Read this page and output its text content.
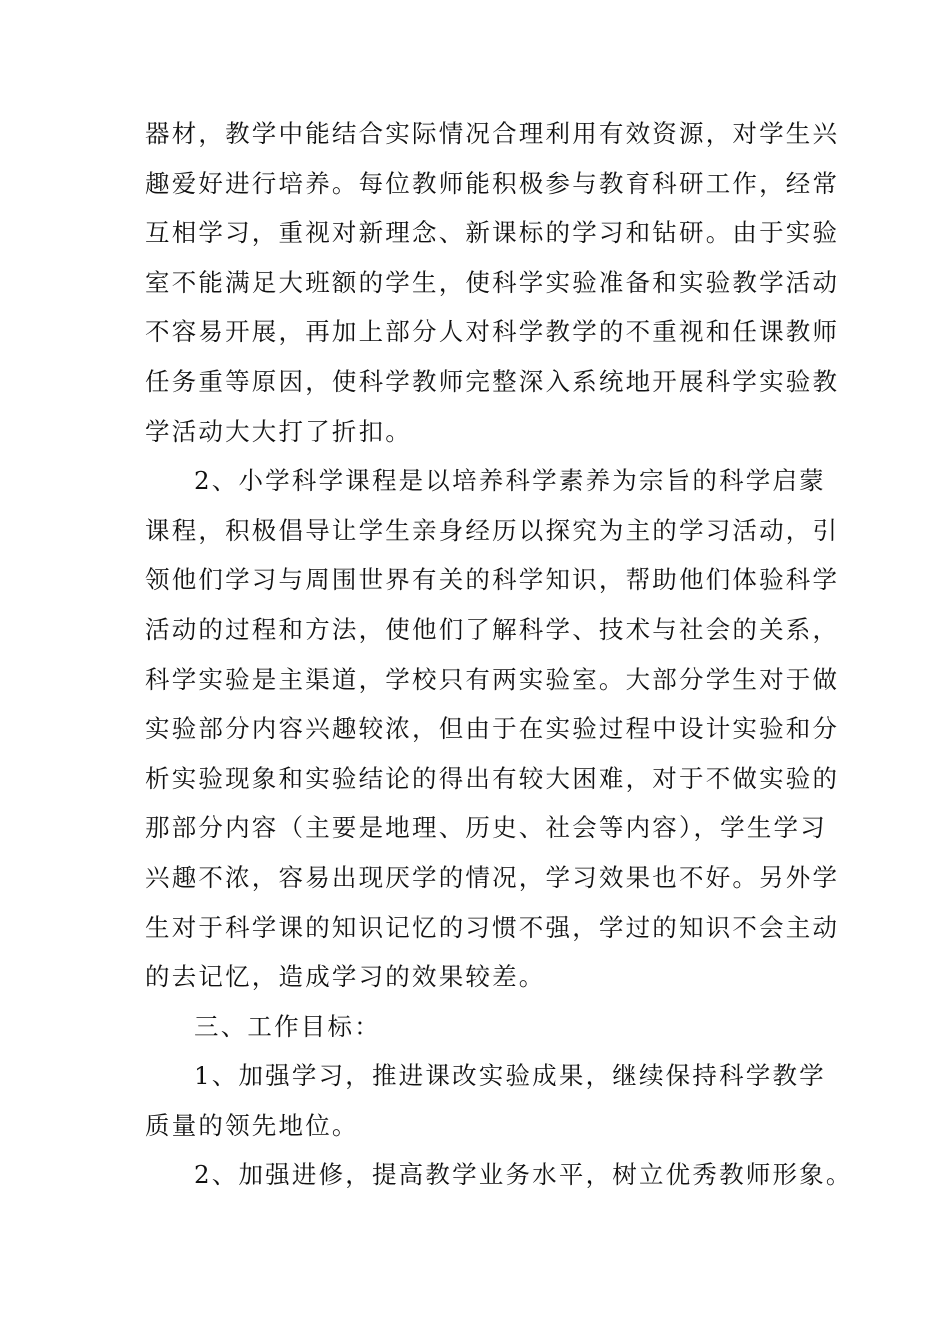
器材，教学中能结合实际情况合理利用有效资源，对学生兴
趣爱好进行培养。每位教师能积极参与教育科研工作，经常
互相学习，重视对新理念、新课标的学习和钻研。由于实验
室不能满足大班额的学生，使科学实验准备和实验教学活动
不容易开展，再加上部分人对科学教学的不重视和任课教师
任务重等原因，使科学教师完整深入系统地开展科学实验教
学活动大大打了折扣。
2、小学科学课程是以培养科学素养为宗旨的科学启蒙
课程，积极倡导让学生亲身经历以探究为主的学习活动，引
领他们学习与周围世界有关的科学知识，帮助他们体验科学
活动的过程和方法，使他们了解科学、技术与社会的关系，
科学实验是主渠道，学校只有两实验室。大部分学生对于做
实验部分内容兴趣较浓，但由于在实验过程中设计实验和分
析实验现象和实验结论的得出有较大困难，对于不做实验的
那部分内容（主要是地理、历史、社会等内容），学生学习
兴趣不浓，容易出现厌学的情况，学习效果也不好。另外学
生对于科学课的知识记忆的习惯不强，学过的知识不会主动
的去记忆，造成学习的效果较差。
三、工作目标：
1、加强学习，推进课改实验成果，继续保持科学教学
质量的领先地位。
2、加强进修，提高教学业务水平，树立优秀教师形象。
